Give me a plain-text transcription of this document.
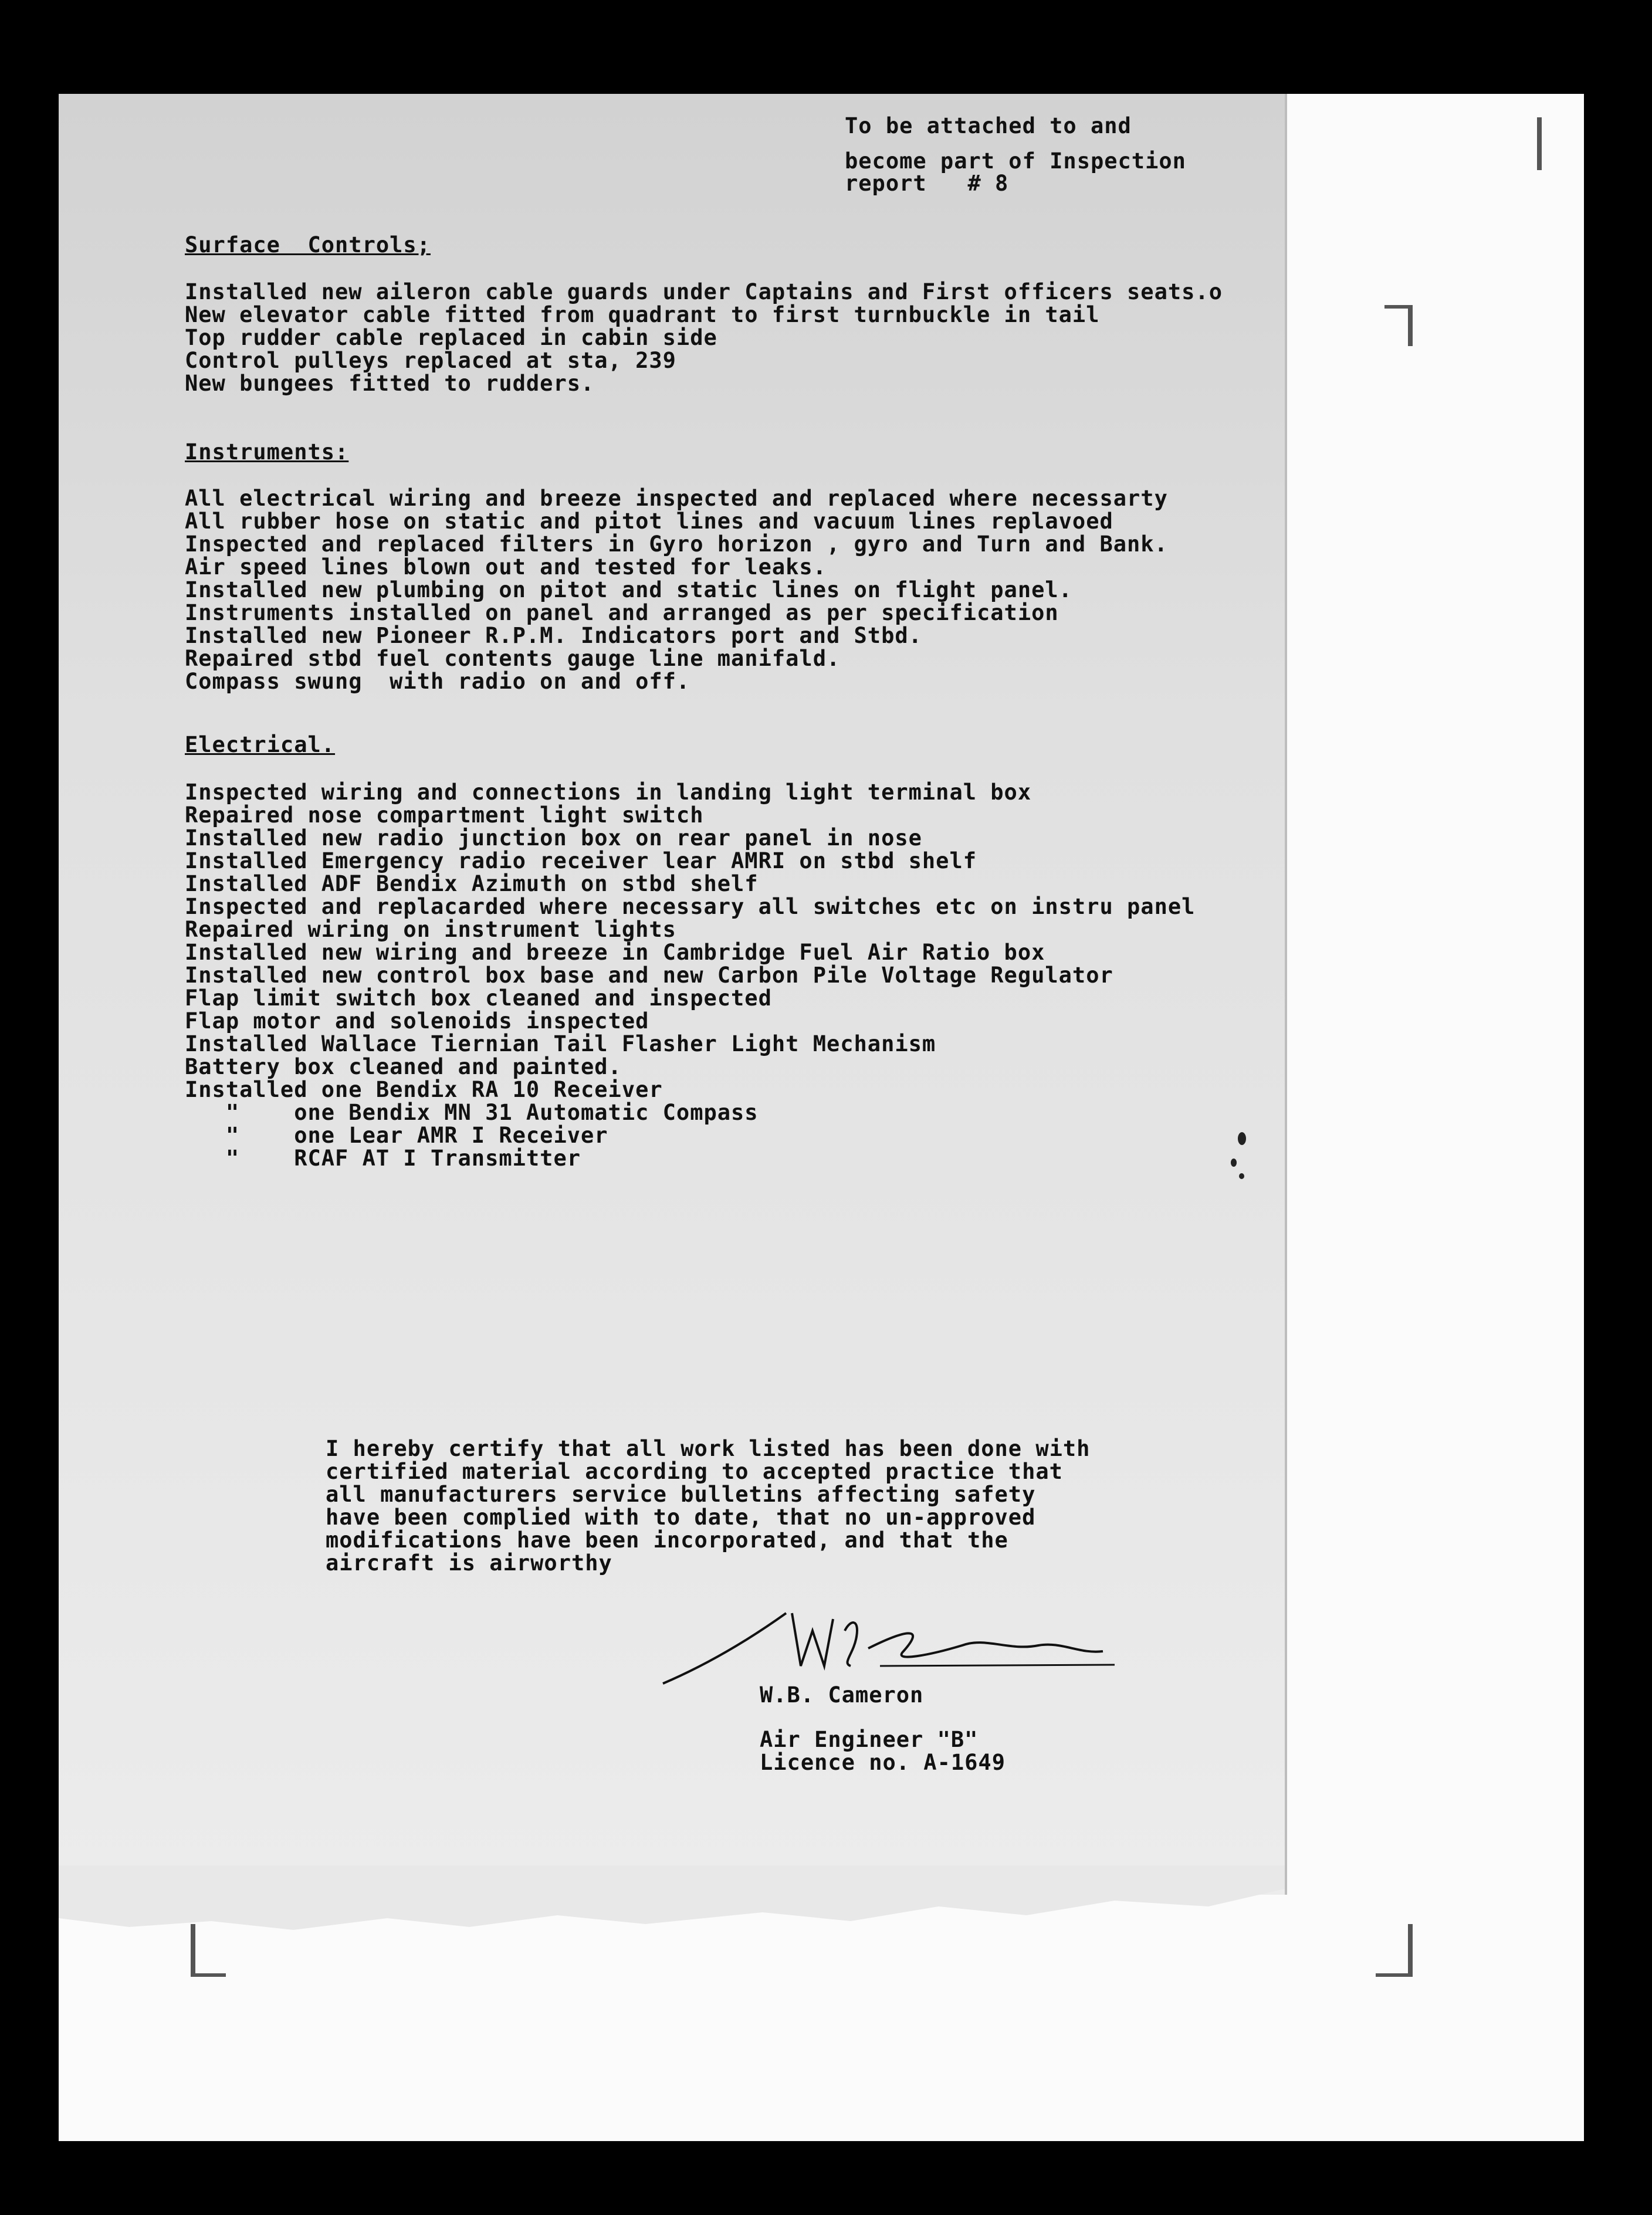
To be attached to and
become part of Inspection
report   # 8
Surface  Controls;
Installed new aileron cable guards under Captains and First officers seats.o
New elevator cable fitted from quadrant to first turnbuckle in tail
Top rudder cable replaced in cabin side
Control pulleys replaced at sta, 239
New bungees fitted to rudders.
Instruments:
All electrical wiring and breeze inspected and replaced where necessarty
All rubber hose on static and pitot lines and vacuum lines replavoed
Inspected and replaced filters in Gyro horizon , gyro and Turn and Bank.
Air speed lines blown out and tested for leaks.
Installed new plumbing on pitot and static lines on flight panel.
Instruments installed on panel and arranged as per specification
Installed new Pioneer R.P.M. Indicators port and Stbd.
Repaired stbd fuel contents gauge line manifald.
Compass swung  with radio on and off.
Electrical.
Inspected wiring and connections in landing light terminal box
Repaired nose compartment light switch
Installed new radio junction box on rear panel in nose
Installed Emergency radio receiver lear AMRI on stbd shelf
Installed ADF Bendix Azimuth on stbd shelf
Inspected and replacarded where necessary all switches etc on instru panel
Repaired wiring on instrument lights
Installed new wiring and breeze in Cambridge Fuel Air Ratio box
Installed new control box base and new Carbon Pile Voltage Regulator
Flap limit switch box cleaned and inspected
Flap motor and solenoids inspected
Installed Wallace Tiernian Tail Flasher Light Mechanism
Battery box cleaned and painted.
Installed one Bendix RA 10 Receiver
"    one Bendix MN 31 Automatic Compass
"    one Lear AMR I Receiver
"    RCAF AT I Transmitter
I hereby certify that all work listed has been done with
certified material according to accepted practice that
all manufacturers service bulletins affecting safety
have been complied with to date, that no un-approved
modifications have been incorporated, and that the
aircraft is airworthy
W.B. Cameron
Air Engineer "B"
Licence no. A-1649
